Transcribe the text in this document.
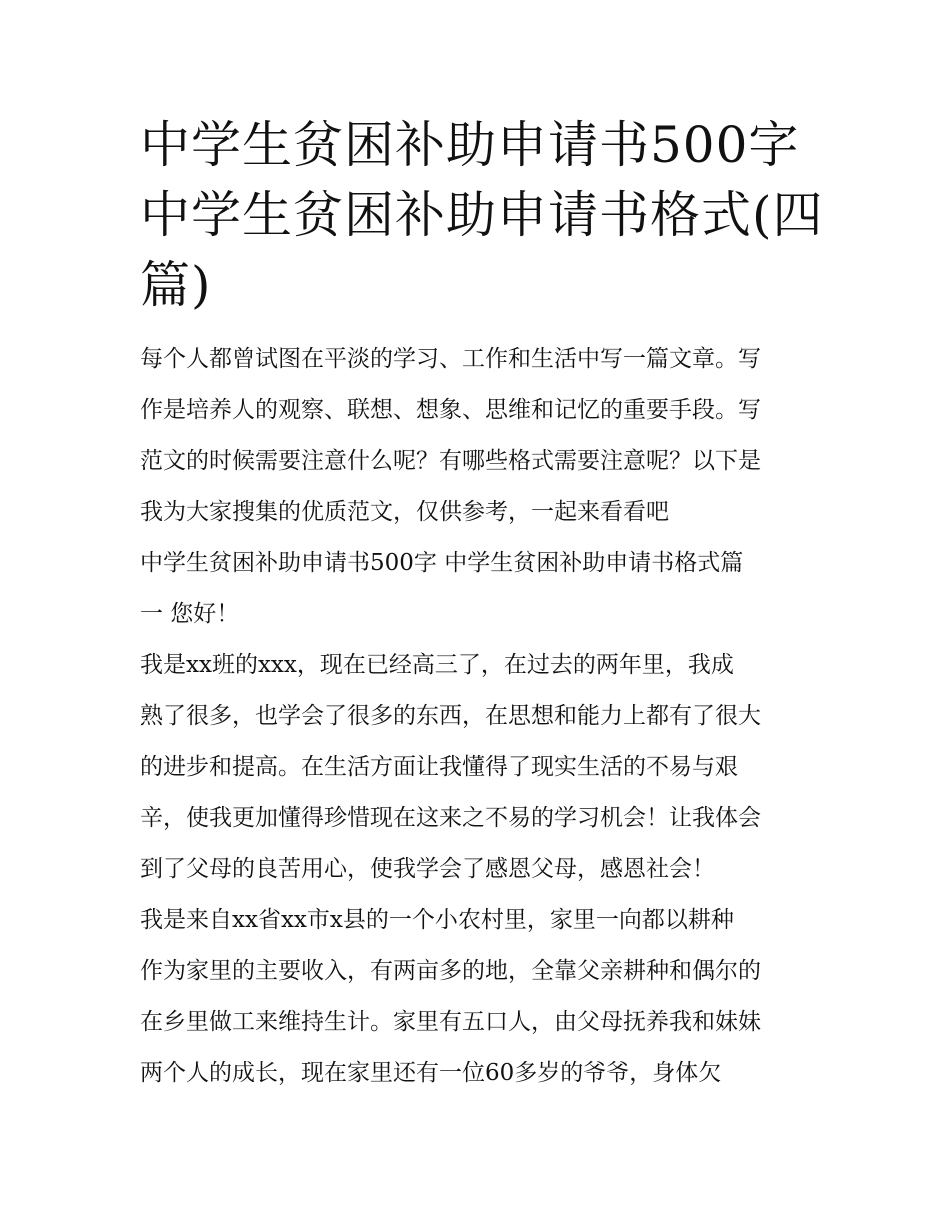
中学生贫困补助申请书500字
中学生贫困补助申请书格式(四
篇)
每个人都曾试图在平淡的学习、工作和生活中写一篇文章。写
作是培养人的观察、联想、想象、思维和记忆的重要手段。写
范文的时候需要注意什么呢？有哪些格式需要注意呢？以下是
我为大家搜集的优质范文，仅供参考，一起来看看吧
中学生贫困补助申请书500字 中学生贫困补助申请书格式篇
一 您好！
我是xx班的xxx，现在已经高三了，在过去的两年里，我成
熟了很多，也学会了很多的东西，在思想和能力上都有了很大
的进步和提高。在生活方面让我懂得了现实生活的不易与艰
辛，使我更加懂得珍惜现在这来之不易的学习机会！让我体会
到了父母的良苦用心，使我学会了感恩父母，感恩社会！
我是来自xx省xx市x县的一个小农村里，家里一向都以耕种
作为家里的主要收入，有两亩多的地，全靠父亲耕种和偶尔的
在乡里做工来维持生计。家里有五口人，由父母抚养我和妹妹
两个人的成长，现在家里还有一位60多岁的爷爷，身体欠
